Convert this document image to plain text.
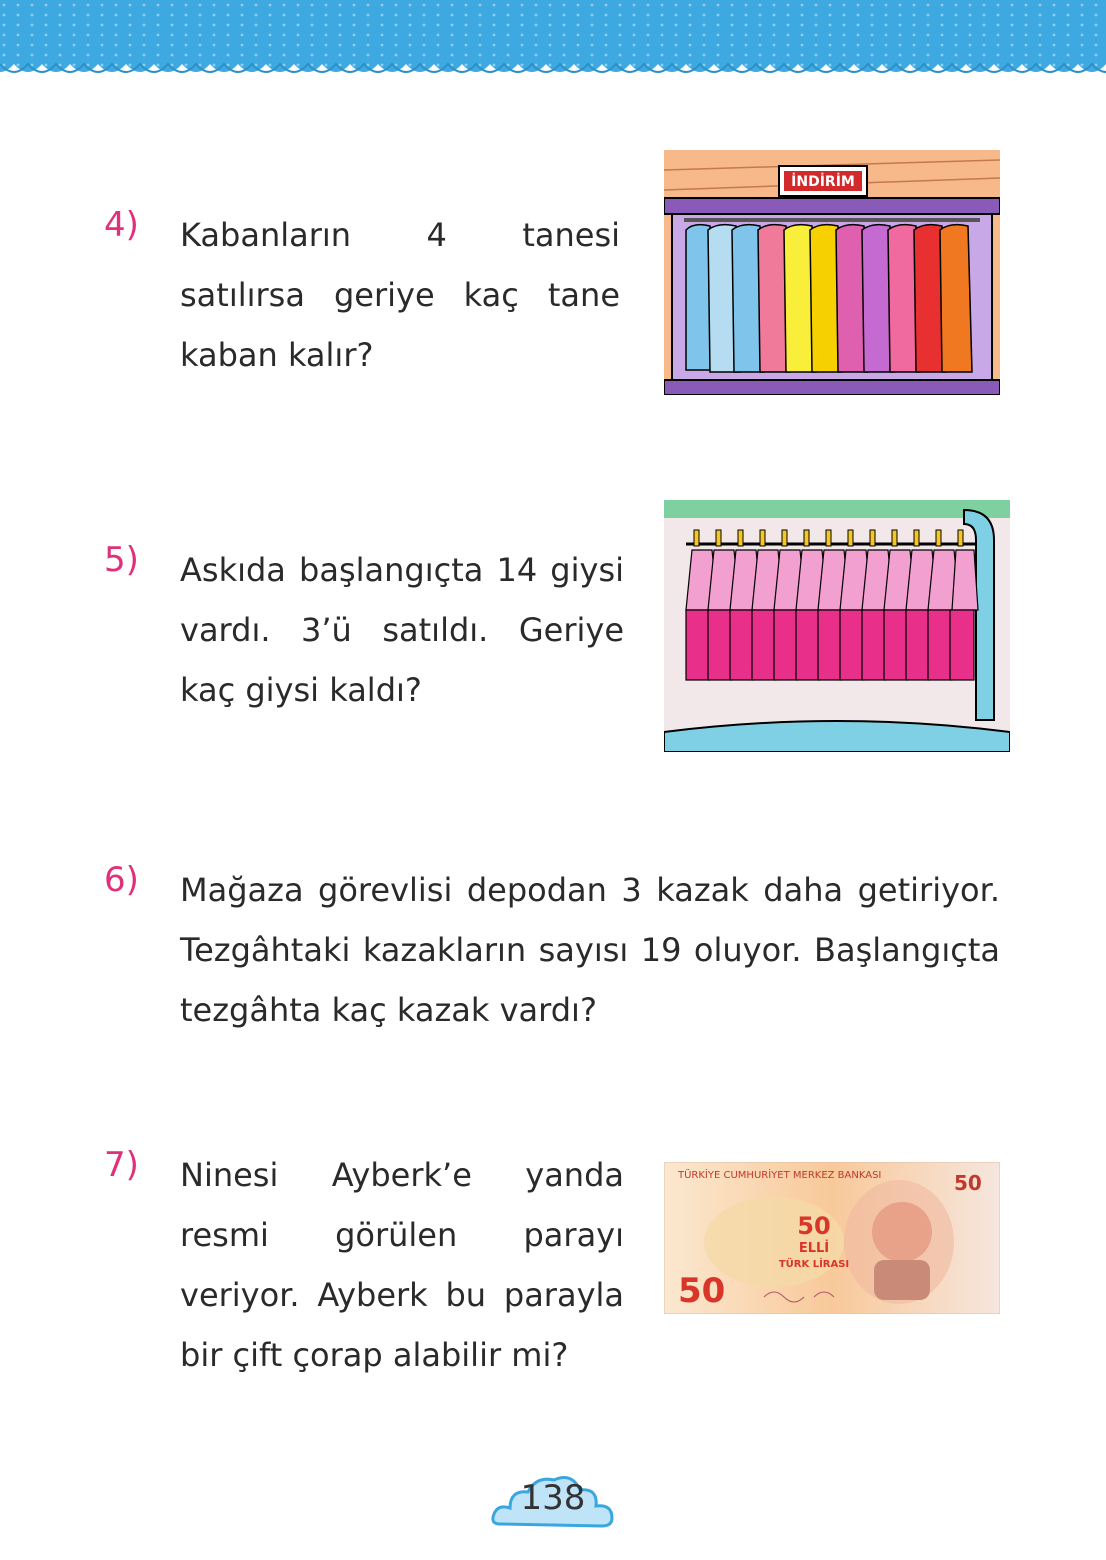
4) Kabanların 4 tanesi satılırsa geriye kaç tane kaban kalır?
İNDİRİM
5) Askıda başlangıçta 14 giysi vardı. 3’ü satıldı. Geriye kaç giysi kaldı?
6) Mağaza görevlisi depodan 3 kazak daha getiriyor. Tezgâhtaki kazakların sayısı 19 oluyor. Başlangıçta tezgâhta kaç kazak vardı?
7) Ninesi Ayberk’e yanda resmi görülen parayı veriyor. Ayberk bu parayla bir çift çorap alabilir mi?
TÜRKİYE CUMHURİYET MERKEZ BANKASI	50
50
ELLİ
TÜRK LİRASI
50
138
